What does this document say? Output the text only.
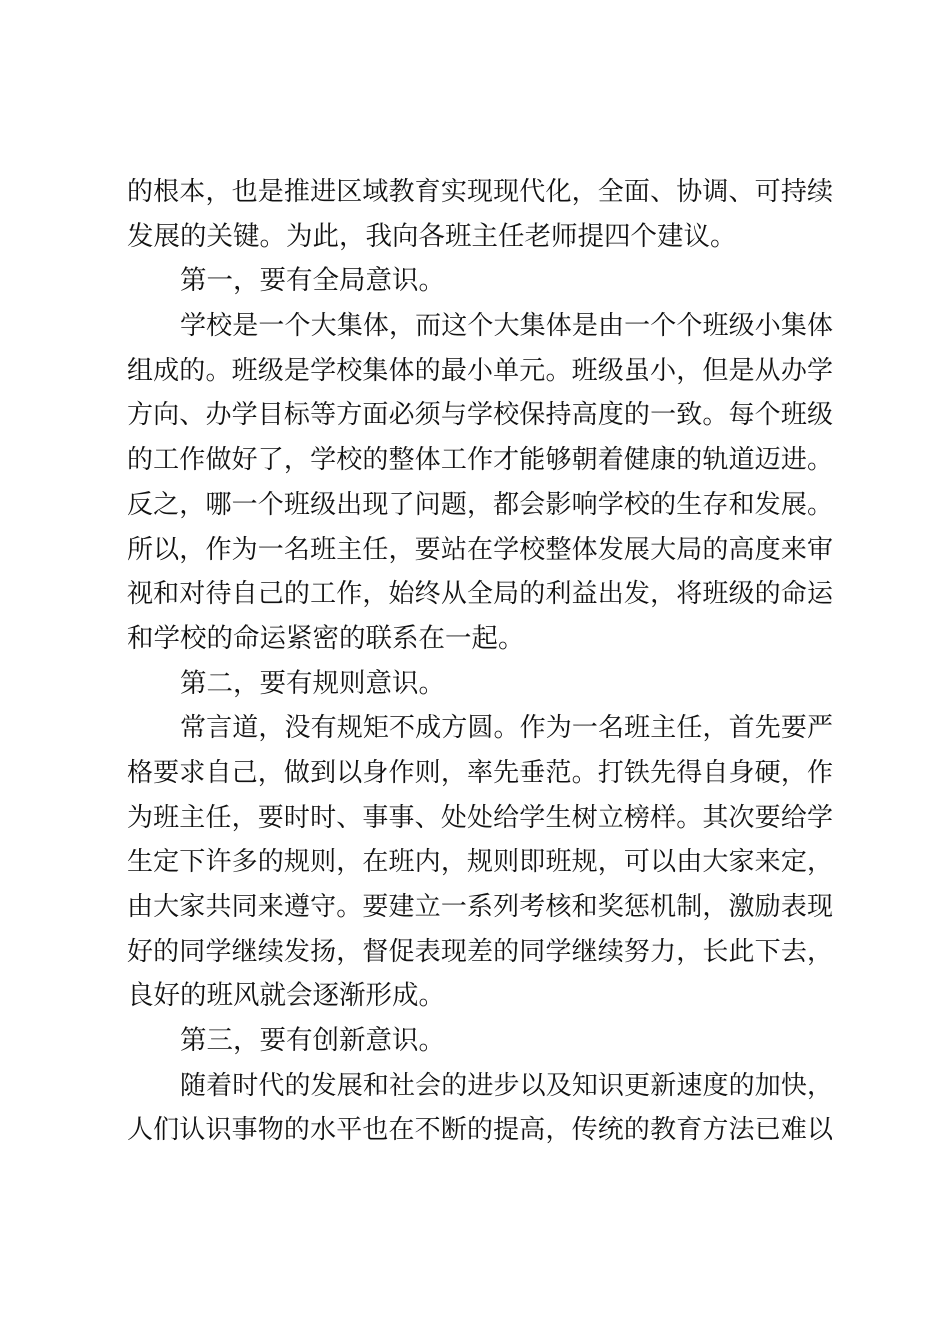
的根本，也是推进区域教育实现现代化，全面、协调、可持续
发展的关键。为此，我向各班主任老师提四个建议。
第一，要有全局意识。
学校是一个大集体，而这个大集体是由一个个班级小集体
组成的。班级是学校集体的最小单元。班级虽小，但是从办学
方向、办学目标等方面必须与学校保持高度的一致。每个班级
的工作做好了，学校的整体工作才能够朝着健康的轨道迈进。
反之，哪一个班级出现了问题，都会影响学校的生存和发展。
所以，作为一名班主任，要站在学校整体发展大局的高度来审
视和对待自己的工作，始终从全局的利益出发，将班级的命运
和学校的命运紧密的联系在一起。
第二，要有规则意识。
常言道，没有规矩不成方圆。作为一名班主任，首先要严
格要求自己，做到以身作则，率先垂范。打铁先得自身硬，作
为班主任，要时时、事事、处处给学生树立榜样。其次要给学
生定下许多的规则，在班内，规则即班规，可以由大家来定，
由大家共同来遵守。要建立一系列考核和奖惩机制，激励表现
好的同学继续发扬，督促表现差的同学继续努力，长此下去，
良好的班风就会逐渐形成。
第三，要有创新意识。
随着时代的发展和社会的进步以及知识更新速度的加快，
人们认识事物的水平也在不断的提高，传统的教育方法已难以
